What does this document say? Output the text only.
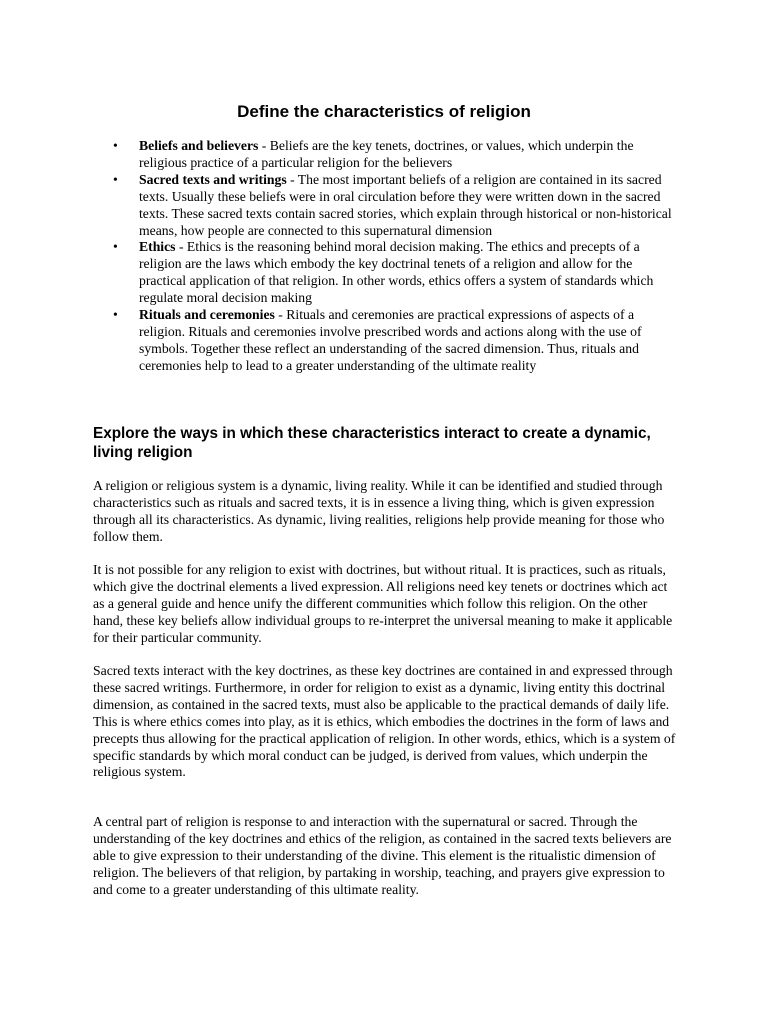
Define the characteristics of religion
•	Beliefs and believers - Beliefs are the key tenets, doctrines, or values, which underpin the religious practice of a particular religion for the believers
•	Sacred texts and writings - The most important beliefs of a religion are contained in its sacred texts. Usually these beliefs were in oral circulation before they were written down in the sacred texts. These sacred texts contain sacred stories, which explain through historical or non-historical means, how people are connected to this supernatural dimension
•	Ethics - Ethics is the reasoning behind moral decision making. The ethics and precepts of a religion are the laws which embody the key doctrinal tenets of a religion and allow for the practical application of that religion. In other words, ethics offers a system of standards which regulate moral decision making
•	Rituals and ceremonies - Rituals and ceremonies are practical expressions of aspects of a religion. Rituals and ceremonies involve prescribed words and actions along with the use of symbols. Together these reflect an understanding of the sacred dimension. Thus, rituals and ceremonies help to lead to a greater understanding of the ultimate reality
Explore the ways in which these characteristics interact to create a dynamic, living religion

A religion or religious system is a dynamic, living reality. While it can be identified and studied through characteristics such as rituals and sacred texts, it is in essence a living thing, which is given expression through all its characteristics. As dynamic, living realities, religions help provide meaning for those who follow them.

It is not possible for any religion to exist with doctrines, but without ritual. It is practices, such as rituals, which give the doctrinal elements a lived expression. All religions need key tenets or doctrines which act as a general guide and hence unify the different communities which follow this religion. On the other hand, these key beliefs allow individual groups to re-interpret the universal meaning to make it applicable for their particular community.

Sacred texts interact with the key doctrines, as these key doctrines are contained in and expressed through these sacred writings. Furthermore, in order for religion to exist as a dynamic, living entity this doctrinal dimension, as contained in the sacred texts, must also be applicable to the practical demands of daily life. This is where ethics comes into play, as it is ethics, which embodies the doctrines in the form of laws and precepts thus allowing for the practical application of religion. In other words, ethics, which is a system of specific standards by which moral conduct can be judged, is derived from values, which underpin the religious system.

A central part of religion is response to and interaction with the supernatural or sacred. Through the understanding of the key doctrines and ethics of the religion, as contained in the sacred texts believers are able to give expression to their understanding of the divine. This element is the ritualistic dimension of religion. The believers of that religion, by partaking in worship, teaching, and prayers give expression to and come to a greater understanding of this ultimate reality.
